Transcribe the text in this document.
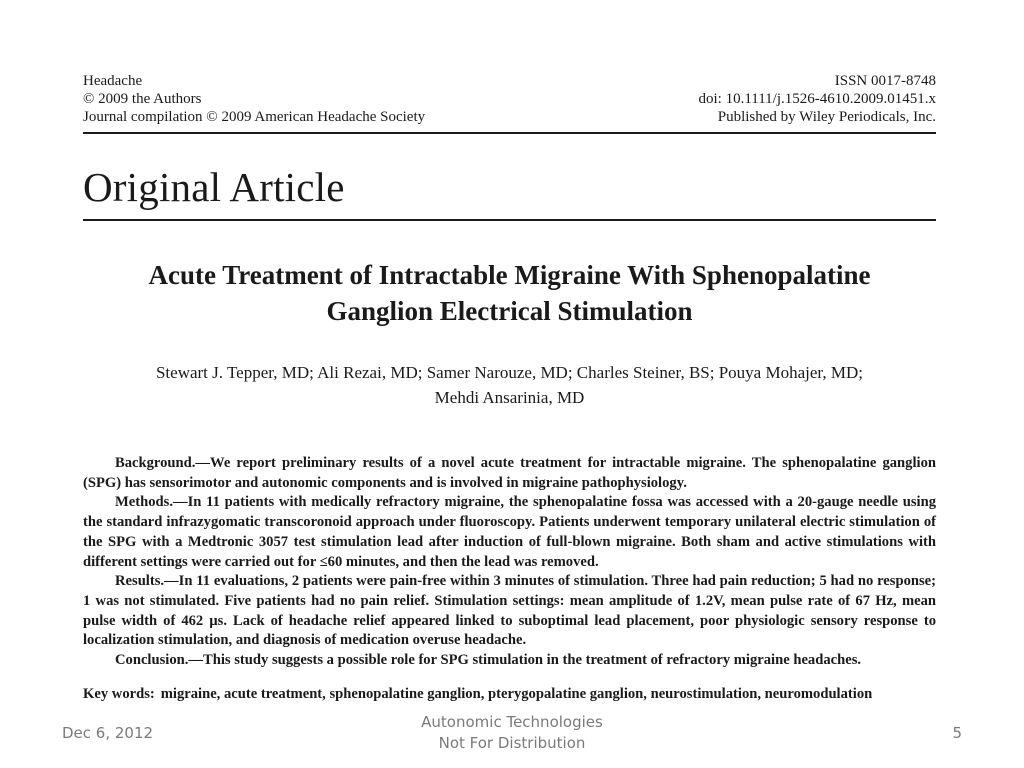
Headache
© 2009 the Authors
Journal compilation © 2009 American Headache Society
ISSN 0017-8748
doi: 10.1111/j.1526-4610.2009.01451.x
Published by Wiley Periodicals, Inc.
Original Article
Acute Treatment of Intractable Migraine With Sphenopalatine
Ganglion Electrical Stimulation
Stewart J. Tepper, MD; Ali Rezai, MD; Samer Narouze, MD; Charles Steiner, BS; Pouya Mohajer, MD;
Mehdi Ansarinia, MD

Background.—We report preliminary results of a novel acute treatment for intractable migraine. The sphenopalatine ganglion (SPG) has sensorimotor and autonomic components and is involved in migraine pathophysiology.

Methods.—In 11 patients with medically refractory migraine, the sphenopalatine fossa was accessed with a 20-gauge needle using the standard infrazygomatic transcoronoid approach under fluoroscopy. Patients underwent temporary unilateral electric stimulation of the SPG with a Medtronic 3057 test stimulation lead after induction of full-blown migraine. Both sham and active stimulations with different settings were carried out for ≤60 minutes, and then the lead was removed.

Results.—In 11 evaluations, 2 patients were pain-free within 3 minutes of stimulation. Three had pain reduction; 5 had no response; 1 was not stimulated. Five patients had no pain relief. Stimulation settings: mean amplitude of 1.2V, mean pulse rate of 67 Hz, mean pulse width of 462 µs. Lack of headache relief appeared linked to suboptimal lead placement, poor physiologic sensory response to localization stimulation, and diagnosis of medication overuse headache.

Conclusion.—This study suggests a possible role for SPG stimulation in the treatment of refractory migraine headaches.

Key words: migraine, acute treatment, sphenopalatine ganglion, pterygopalatine ganglion, neurostimulation, neuromodulation
Dec 6, 2012
Autonomic Technologies
Not For Distribution
5
